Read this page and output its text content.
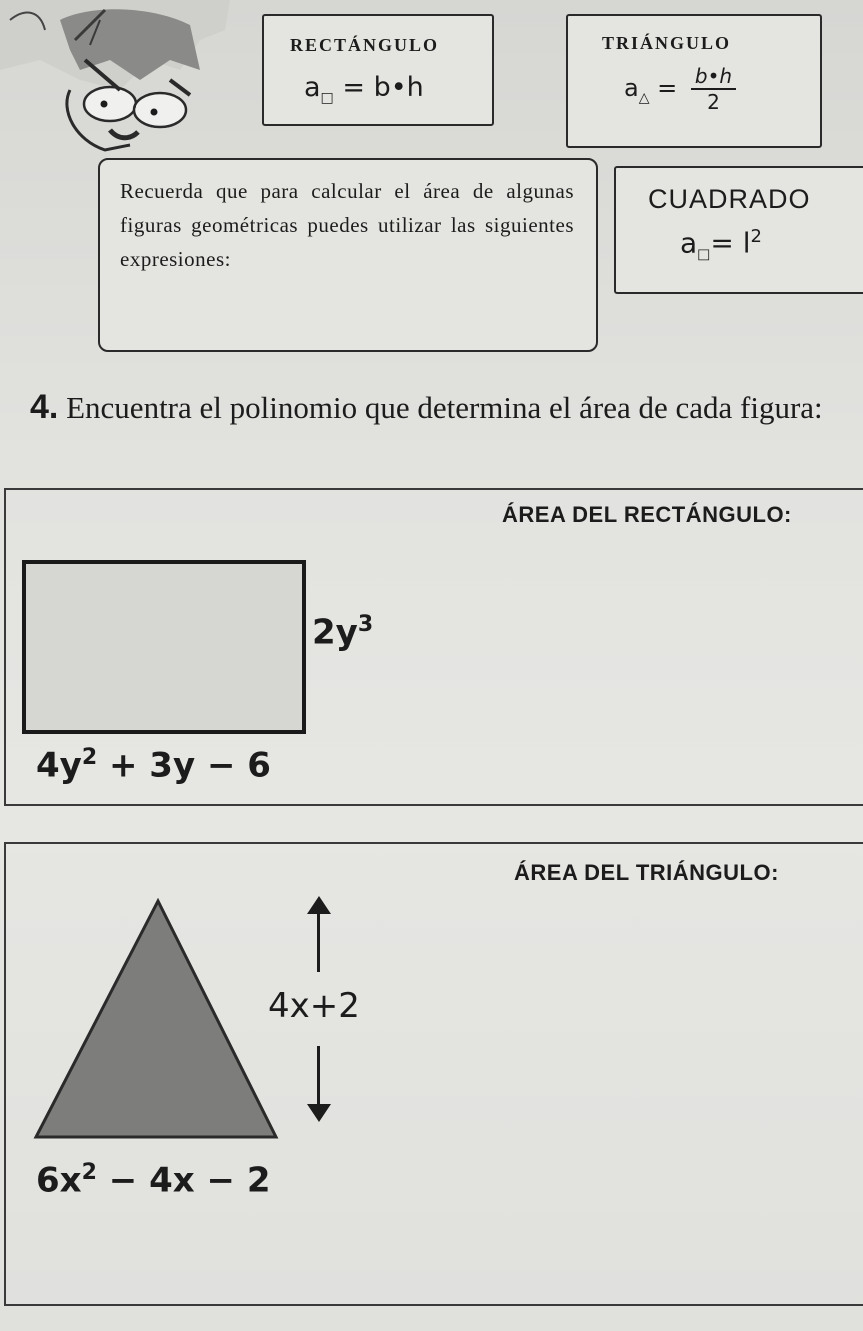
rectángulo
$a_□$ = b•h
triángulo
$a_\triangle = \frac{b•h}{2}$
Recuerda que para calcular el área de algunas figuras geométricas puedes utilizar las siguientes expresiones:
CUADRADO
$a_□= l^2$
4. Encuentra el polinomio que determina el área de cada figura:
ÁREA DEL RECTÁNGULO:
$2y^3$
$4y^2 + 3y - 6$
ÁREA DEL TRIÁNGULO:
4x+2
$6x^2 - 4x - 2$
